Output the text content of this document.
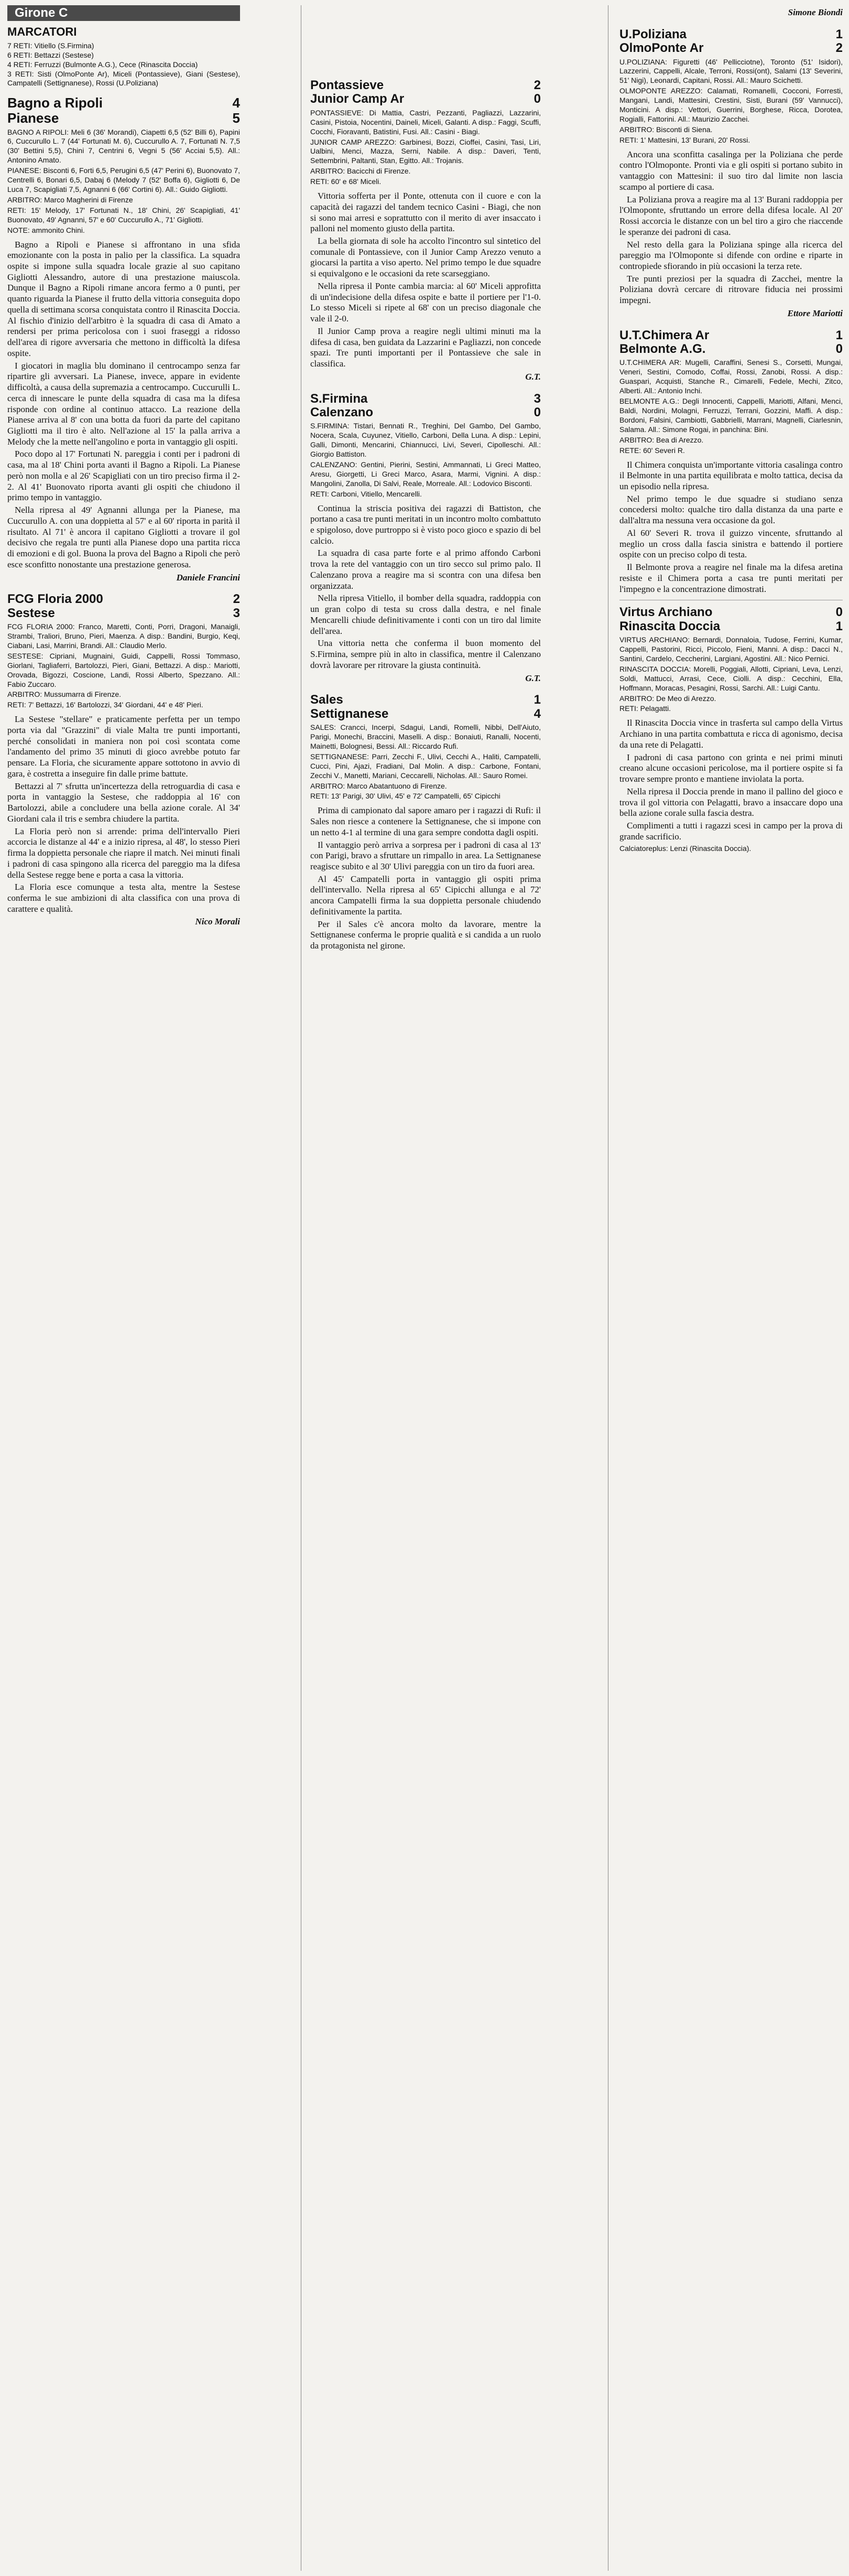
Girone C
MARCATORI
7 RETI: Vitiello (S.Firmina)
6 RETI: Bettazzi (Sestese)
4 RETI: Ferruzzi (Bulmonte A.G.), Cece (Rinascita Doccia)
3 RETI: Sisti (OlmoPonte Ar), Miceli (Pontassieve), Giani (Sestese), Campatelli (Settignanese), Rossi (U.Poliziana)
Bagno a Ripoli	4
Pianese	5

BAGNO A RIPOLI: Meli 6 (36' Morandi), Ciapetti 6,5 (52' Billi 6), Papini 6, Cuccurullo L. 7 (44' Fortunati M. 6), Cuccurullo A. 7, Fortunati N. 7,5 (30' Bettini 5,5), Chini 7, Centrini 6, Vegni 5 (56' Acciai 5,5). All.: Antonino Amato.

PIANESE: Bisconti 6, Forti 6,5, Perugini 6,5 (47' Perini 6), Buonovato 7, Centrelli 6, Bonari 6,5, Dabaj 6 (Melody 7 (52' Boffa 6), Gigliotti 6, De Luca 7, Scapigliati 7,5, Agnanni 6 (66' Cortini 6). All.: Guido Gigliotti.

ARBITRO: Marco Magherini di Firenze

RETI: 15' Melody, 17' Fortunati N., 18' Chini, 26' Scapigliati, 41' Buonovato, 49' Agnanni, 57' e 60' Cuccurullo A., 71' Gigliotti.

NOTE: ammonito Chini.

Bagno a Ripoli e Pianese si affrontano in una sfida emozionante con la posta in palio per la classifica. La squadra ospite si impone sulla squadra locale grazie al suo capitano Gigliotti Alessandro, autore di una prestazione maiuscola. Dunque il Bagno a Ripoli rimane ancora fermo a 0 punti, per quanto riguarda la Pianese il frutto della vittoria conseguita dopo quella di settimana scorsa conquistata contro il Rinascita Doccia. Al fischio d'inizio dell'arbitro è la squadra di casa di Amato a rendersi per prima pericolosa con i suoi fraseggi a ridosso dell'area di rigore avversaria che mettono in difficoltà la difesa ospite.

I giocatori in maglia blu dominano il centrocampo senza far ripartire gli avversari. La Pianese, invece, appare in evidente difficoltà, a causa della supremazia a centrocampo. Cuccurulli L. cerca di innescare le punte della squadra di casa ma la difesa risponde con ordine al continuo attacco. La reazione della Pianese arriva al 8' con una botta da fuori da parte del capitano Gigliotti ma il tiro è alto. Nell'azione al 15' la palla arriva a Melody che la mette nell'angolino e porta in vantaggio gli ospiti.

Poco dopo al 17' Fortunati N. pareggia i conti per i padroni di casa, ma al 18' Chini porta avanti il Bagno a Ripoli. La Pianese però non molla e al 26' Scapigliati con un tiro preciso firma il 2-2. Al 41' Buonovato riporta avanti gli ospiti che chiudono il primo tempo in vantaggio.

Nella ripresa al 49' Agnanni allunga per la Pianese, ma Cuccurullo A. con una doppietta al 57' e al 60' riporta in parità il risultato. Al 71' è ancora il capitano Gigliotti a trovare il gol decisivo che regala tre punti alla Pianese dopo una partita ricca di emozioni e di gol. Buona la prova del Bagno a Ripoli che però esce sconfitto nonostante una prestazione generosa.

Daniele Francini
FCG Floria 2000	2
Sestese	3

FCG FLORIA 2000: Franco, Maretti, Conti, Porri, Dragoni, Manaigli, Strambi, Traliori, Bruno, Pieri, Maenza. A disp.: Bandini, Burgio, Keqi, Ciabani, Lasi, Marrini, Brandi. All.: Claudio Merlo.

SESTESE: Cipriani, Mugnaini, Guidi, Cappelli, Rossi Tommaso, Giorlani, Tagliaferri, Bartolozzi, Pieri, Giani, Bettazzi. A disp.: Mariotti, Orovada, Bigozzi, Coscione, Landi, Rossi Alberto, Spezzano. All.: Fabio Zuccaro.

ARBITRO: Mussumarra di Firenze.

RETI: 7' Bettazzi, 16' Bartolozzi, 34' Giordani, 44' e 48' Pieri.

La Sestese "stellare" e praticamente perfetta per un tempo porta via dal "Grazzini" di viale Malta tre punti importanti, perché consolidati in maniera non poi così scontata come l'andamento del primo 35 minuti di gioco avrebbe potuto far pensare. La Floria, che sicuramente appare sottotono in avvio di gara, è costretta a inseguire fin dalle prime battute.

Bettazzi al 7' sfrutta un'incertezza della retroguardia di casa e porta in vantaggio la Sestese, che raddoppia al 16' con Bartolozzi, abile a concludere una bella azione corale. Al 34' Giordani cala il tris e sembra chiudere la partita.

La Floria però non si arrende: prima dell'intervallo Pieri accorcia le distanze al 44' e a inizio ripresa, al 48', lo stesso Pieri firma la doppietta personale che riapre il match. Nei minuti finali i padroni di casa spingono alla ricerca del pareggio ma la difesa della Sestese regge bene e porta a casa la vittoria.

La Floria esce comunque a testa alta, mentre la Sestese conferma le sue ambizioni di alta classifica con una prova di carattere e qualità.

Nico Morali
Pontassieve	2
Junior Camp Ar	0

PONTASSIEVE: Di Mattia, Castri, Pezzanti, Pagliazzi, Lazzarini, Casini, Pistoia, Nocentini, Daineli, Miceli, Galanti. A disp.: Faggi, Scuffi, Cocchi, Fioravanti, Batistini, Fusi. All.: Casini - Biagi.

JUNIOR CAMP AREZZO: Garbinesi, Bozzi, Cioffei, Casini, Tasi, Liri, Ualbini, Menci, Mazza, Serni, Nabile. A disp.: Daveri, Tenti, Settembrini, Paltanti, Stan, Egitto. All.: Trojanis.

ARBITRO: Bacicchi di Firenze.

RETI: 60' e 68' Miceli.

Vittoria sofferta per il Ponte, ottenuta con il cuore e con la capacità dei ragazzi del tandem tecnico Casini - Biagi, che non si sono mai arresi e soprattutto con il merito di aver insaccato i palloni nel momento giusto della partita.

La bella giornata di sole ha accolto l'incontro sul sintetico del comunale di Pontassieve, con il Junior Camp Arezzo venuto a giocarsi la partita a viso aperto. Nel primo tempo le due squadre si equivalgono e le occasioni da rete scarseggiano.

Nella ripresa il Ponte cambia marcia: al 60' Miceli approfitta di un'indecisione della difesa ospite e batte il portiere per l'1-0. Lo stesso Miceli si ripete al 68' con un preciso diagonale che vale il 2-0.

Il Junior Camp prova a reagire negli ultimi minuti ma la difesa di casa, ben guidata da Lazzarini e Pagliazzi, non concede spazi. Tre punti importanti per il Pontassieve che sale in classifica.

G.T.
S.Firmina	3
Calenzano	0

S.FIRMINA: Tistari, Bennati R., Treghini, Del Gambo, Del Gambo, Nocera, Scala, Cuyunez, Vitiello, Carboni, Della Luna. A disp.: Lepini, Galli, Dimonti, Mencarini, Chiannucci, Livi, Severi, Cipolleschi. All.: Giorgio Battiston.

CALENZANO: Gentini, Pierini, Sestini, Ammannati, Li Greci Matteo, Aresu, Giorgetti, Li Greci Marco, Asara, Marmi, Vignini. A disp.: Mangolini, Zanolla, Di Salvi, Reale, Morreale. All.: Lodovico Bisconti.

RETI: Carboni, Vitiello, Mencarelli.

Continua la striscia positiva dei ragazzi di Battiston, che portano a casa tre punti meritati in un incontro molto combattuto e spigoloso, dove purtroppo si è visto poco gioco e spazio di bel calcio.

La squadra di casa parte forte e al primo affondo Carboni trova la rete del vantaggio con un tiro secco sul primo palo. Il Calenzano prova a reagire ma si scontra con una difesa ben organizzata.

Nella ripresa Vitiello, il bomber della squadra, raddoppia con un gran colpo di testa su cross dalla destra, e nel finale Mencarelli chiude definitivamente i conti con un tiro dal limite dell'area.

Una vittoria netta che conferma il buon momento del S.Firmina, sempre più in alto in classifica, mentre il Calenzano dovrà lavorare per ritrovare la giusta continuità.

G.T.
Sales	1
Settignanese	4

SALES: Crancci, Incerpi, Sdagui, Landi, Romelli, Nibbi, Dell'Aiuto, Parigi, Monechi, Braccini, Maselli. A disp.: Bonaiuti, Ranalli, Nocenti, Mainetti, Bolognesi, Bessi. All.: Riccardo Rufi.

SETTIGNANESE: Parri, Zecchi F., Ulivi, Cecchi A., Haliti, Campatelli, Cucci, Pini, Ajazi, Fradiani, Dal Molin. A disp.: Carbone, Fontani, Zecchi V., Manetti, Mariani, Ceccarelli, Nicholas. All.: Sauro Romei.

ARBITRO: Marco Abatantuono di Firenze.

RETI: 13' Parigi, 30' Ulivi, 45' e 72' Campatelli, 65' Cipicchi

Prima di campionato dal sapore amaro per i ragazzi di Rufi: il Sales non riesce a contenere la Settignanese, che si impone con un netto 4-1 al termine di una gara sempre condotta dagli ospiti.

Il vantaggio però arriva a sorpresa per i padroni di casa al 13' con Parigi, bravo a sfruttare un rimpallo in area. La Settignanese reagisce subito e al 30' Ulivi pareggia con un tiro da fuori area.

Al 45' Campatelli porta in vantaggio gli ospiti prima dell'intervallo. Nella ripresa al 65' Cipicchi allunga e al 72' ancora Campatelli firma la sua doppietta personale chiudendo definitivamente la partita.

Per il Sales c'è ancora molto da lavorare, mentre la Settignanese conferma le proprie qualità e si candida a un ruolo da protagonista nel girone.

Simone Biondi
U.Poliziana	1
OlmoPonte Ar	2

U.POLIZIANA: Figuretti (46' Pellicciotne), Toronto (51' Isidori), Lazzerini, Cappelli, Alcale, Terroni, Rossi(ont), Salami (13' Severini, 51' Nigi), Leonardi, Capitani, Rossi. All.: Mauro Scichetti.

OLMOPONTE AREZZO: Calamati, Romanelli, Cocconi, Forresti, Mangani, Landi, Mattesini, Crestini, Sisti, Burani (59' Vannucci), Monticini. A disp.: Vettori, Guerrini, Borghese, Ricca, Dorotea, Rogialli, Fattorini. All.: Maurizio Zacchei.

ARBITRO: Bisconti di Siena.

RETI: 1' Mattesini, 13' Burani, 20' Rossi.

Ancora una sconfitta casalinga per la Poliziana che perde contro l'Olmoponte. Pronti via e gli ospiti si portano subito in vantaggio con Mattesini: il suo tiro dal limite non lascia scampo al portiere di casa.

La Poliziana prova a reagire ma al 13' Burani raddoppia per l'Olmoponte, sfruttando un errore della difesa locale. Al 20' Rossi accorcia le distanze con un bel tiro a giro che riaccende le speranze dei padroni di casa.

Nel resto della gara la Poliziana spinge alla ricerca del pareggio ma l'Olmoponte si difende con ordine e riparte in contropiede sfiorando in più occasioni la terza rete.

Tre punti preziosi per la squadra di Zacchei, mentre la Poliziana dovrà cercare di ritrovare fiducia nei prossimi impegni.

Ettore Mariotti
U.T.Chimera Ar	1
Belmonte A.G.	0

U.T.CHIMERA AR: Mugelli, Caraffini, Senesi S., Corsetti, Mungai, Veneri, Sestini, Comodo, Coffai, Rossi, Zanobi, Rossi. A disp.: Guaspari, Acquisti, Stanche R., Cimarelli, Fedele, Mechi, Zitco, Alberti. All.: Antonio Inchi.

BELMONTE A.G.: Degli Innocenti, Cappelli, Mariotti, Alfani, Menci, Baldi, Nordini, Molagni, Ferruzzi, Terrani, Gozzini, Maffi. A disp.: Bordoni, Falsini, Cambiotti, Gabbrielli, Marrani, Magnelli, Ciarlesnin, Salama. All.: Simone Rogai, in panchina: Bini.

ARBITRO: Bea di Arezzo.

RETE: 60' Severi R.

Il Chimera conquista un'importante vittoria casalinga contro il Belmonte in una partita equilibrata e molto tattica, decisa da un episodio nella ripresa.

Nel primo tempo le due squadre si studiano senza concedersi molto: qualche tiro dalla distanza da una parte e dall'altra ma nessuna vera occasione da gol.

Al 60' Severi R. trova il guizzo vincente, sfruttando al meglio un cross dalla fascia sinistra e battendo il portiere ospite con un preciso colpo di testa.

Il Belmonte prova a reagire nel finale ma la difesa aretina resiste e il Chimera porta a casa tre punti meritati per l'impegno e la concentrazione dimostrati.

Virtus Archiano	0
Rinascita Doccia	1

VIRTUS ARCHIANO: Bernardi, Donnaloia, Tudose, Ferrini, Kumar, Cappelli, Pastorini, Ricci, Piccolo, Fieni, Manni. A disp.: Dacci N., Santini, Cardelo, Ceccherini, Largiani, Agostini. All.: Nico Pernici.

RINASCITA DOCCIA: Morelli, Poggiali, Allotti, Cipriani, Leva, Lenzi, Soldi, Mattucci, Arrasi, Cece, Ciolli. A disp.: Cecchini, Ella, Hoffmann, Moracas, Pesagini, Rossi, Sarchi. All.: Luigi Cantu.

ARBITRO: De Meo di Arezzo.

RETI: Pelagatti.

Il Rinascita Doccia vince in trasferta sul campo della Virtus Archiano in una partita combattuta e ricca di agonismo, decisa da una rete di Pelagatti.

I padroni di casa partono con grinta e nei primi minuti creano alcune occasioni pericolose, ma il portiere ospite si fa trovare sempre pronto e mantiene inviolata la porta.

Nella ripresa il Doccia prende in mano il pallino del gioco e trova il gol vittoria con Pelagatti, bravo a insaccare dopo una bella azione corale sulla fascia destra.

Complimenti a tutti i ragazzi scesi in campo per la prova di grande sacrificio.

Calciatoreplus: Lenzi (Rinascita Doccia).
